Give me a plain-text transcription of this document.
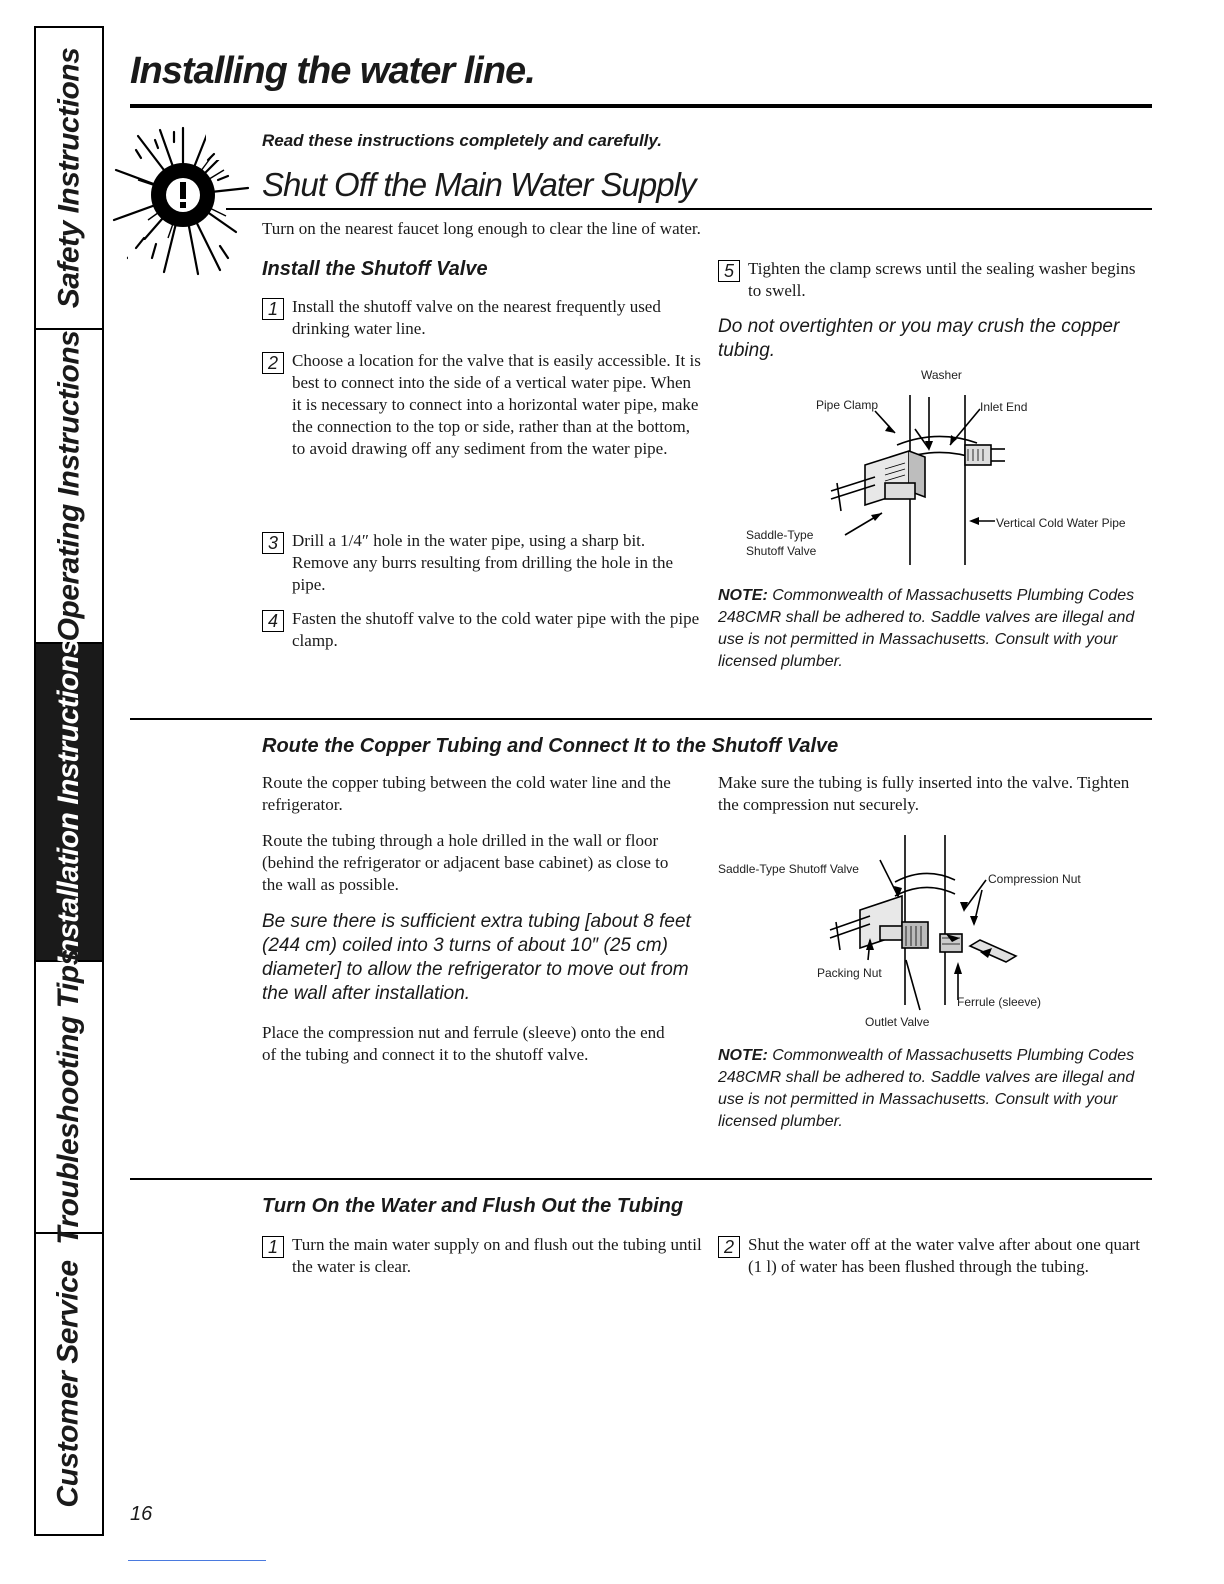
Safety Instructions
Operating Instructions
Installation Instructions
Troubleshooting Tips
Customer Service
Installing the water line.
Read these instructions completely and carefully.
Shut Off the Main Water Supply
Turn on the nearest faucet long enough to clear the line of water.
Install the Shutoff Valve
1 Install the shutoff valve on the nearest frequently used drinking water line.
2 Choose a location for the valve that is easily accessible. It is best to connect into the side of a vertical water pipe. When it is necessary to connect into a horizontal water pipe, make the connection to the top or side, rather than at the bottom, to avoid drawing off any sediment from the water pipe.
3 Drill a 1/4″ hole in the water pipe, using a sharp bit. Remove any burrs resulting from drilling the hole in the pipe.
4 Fasten the shutoff valve to the cold water pipe with the pipe clamp.
5 Tighten the clamp screws until the sealing washer begins to swell.
Do not overtighten or you may crush the copper tubing.
Washer
Pipe Clamp	Inlet End
Vertical Cold Water Pipe
Saddle-Type
Shutoff Valve
NOTE: Commonwealth of Massachusetts Plumbing Codes 248CMR shall be adhered to. Saddle valves are illegal and use is not permitted in Massachusetts. Consult with your licensed plumber.
Route the Copper Tubing and Connect It to the Shutoff Valve
Route the copper tubing between the cold water line and the refrigerator.
Route the tubing through a hole drilled in the wall or floor (behind the refrigerator or adjacent base cabinet) as close to the wall as possible.
Be sure there is sufficient extra tubing [about 8 feet (244 cm) coiled into 3 turns of about 10″ (25 cm) diameter] to allow the refrigerator to move out from the wall after installation.
Place the compression nut and ferrule (sleeve) onto the end of the tubing and connect it to the shutoff valve.
Make sure the tubing is fully inserted into the valve. Tighten the compression nut securely.
Saddle-Type Shutoff Valve
Compression Nut
Packing Nut
Ferrule (sleeve)
Outlet Valve
NOTE: Commonwealth of Massachusetts Plumbing Codes 248CMR shall be adhered to. Saddle valves are illegal and use is not permitted in Massachusetts. Consult with your licensed plumber.
Turn On the Water and Flush Out the Tubing
1 Turn the main water supply on and flush out the tubing until the water is clear.
2 Shut the water off at the water valve after about one quart (1 l) of water has been flushed through the tubing.
16
